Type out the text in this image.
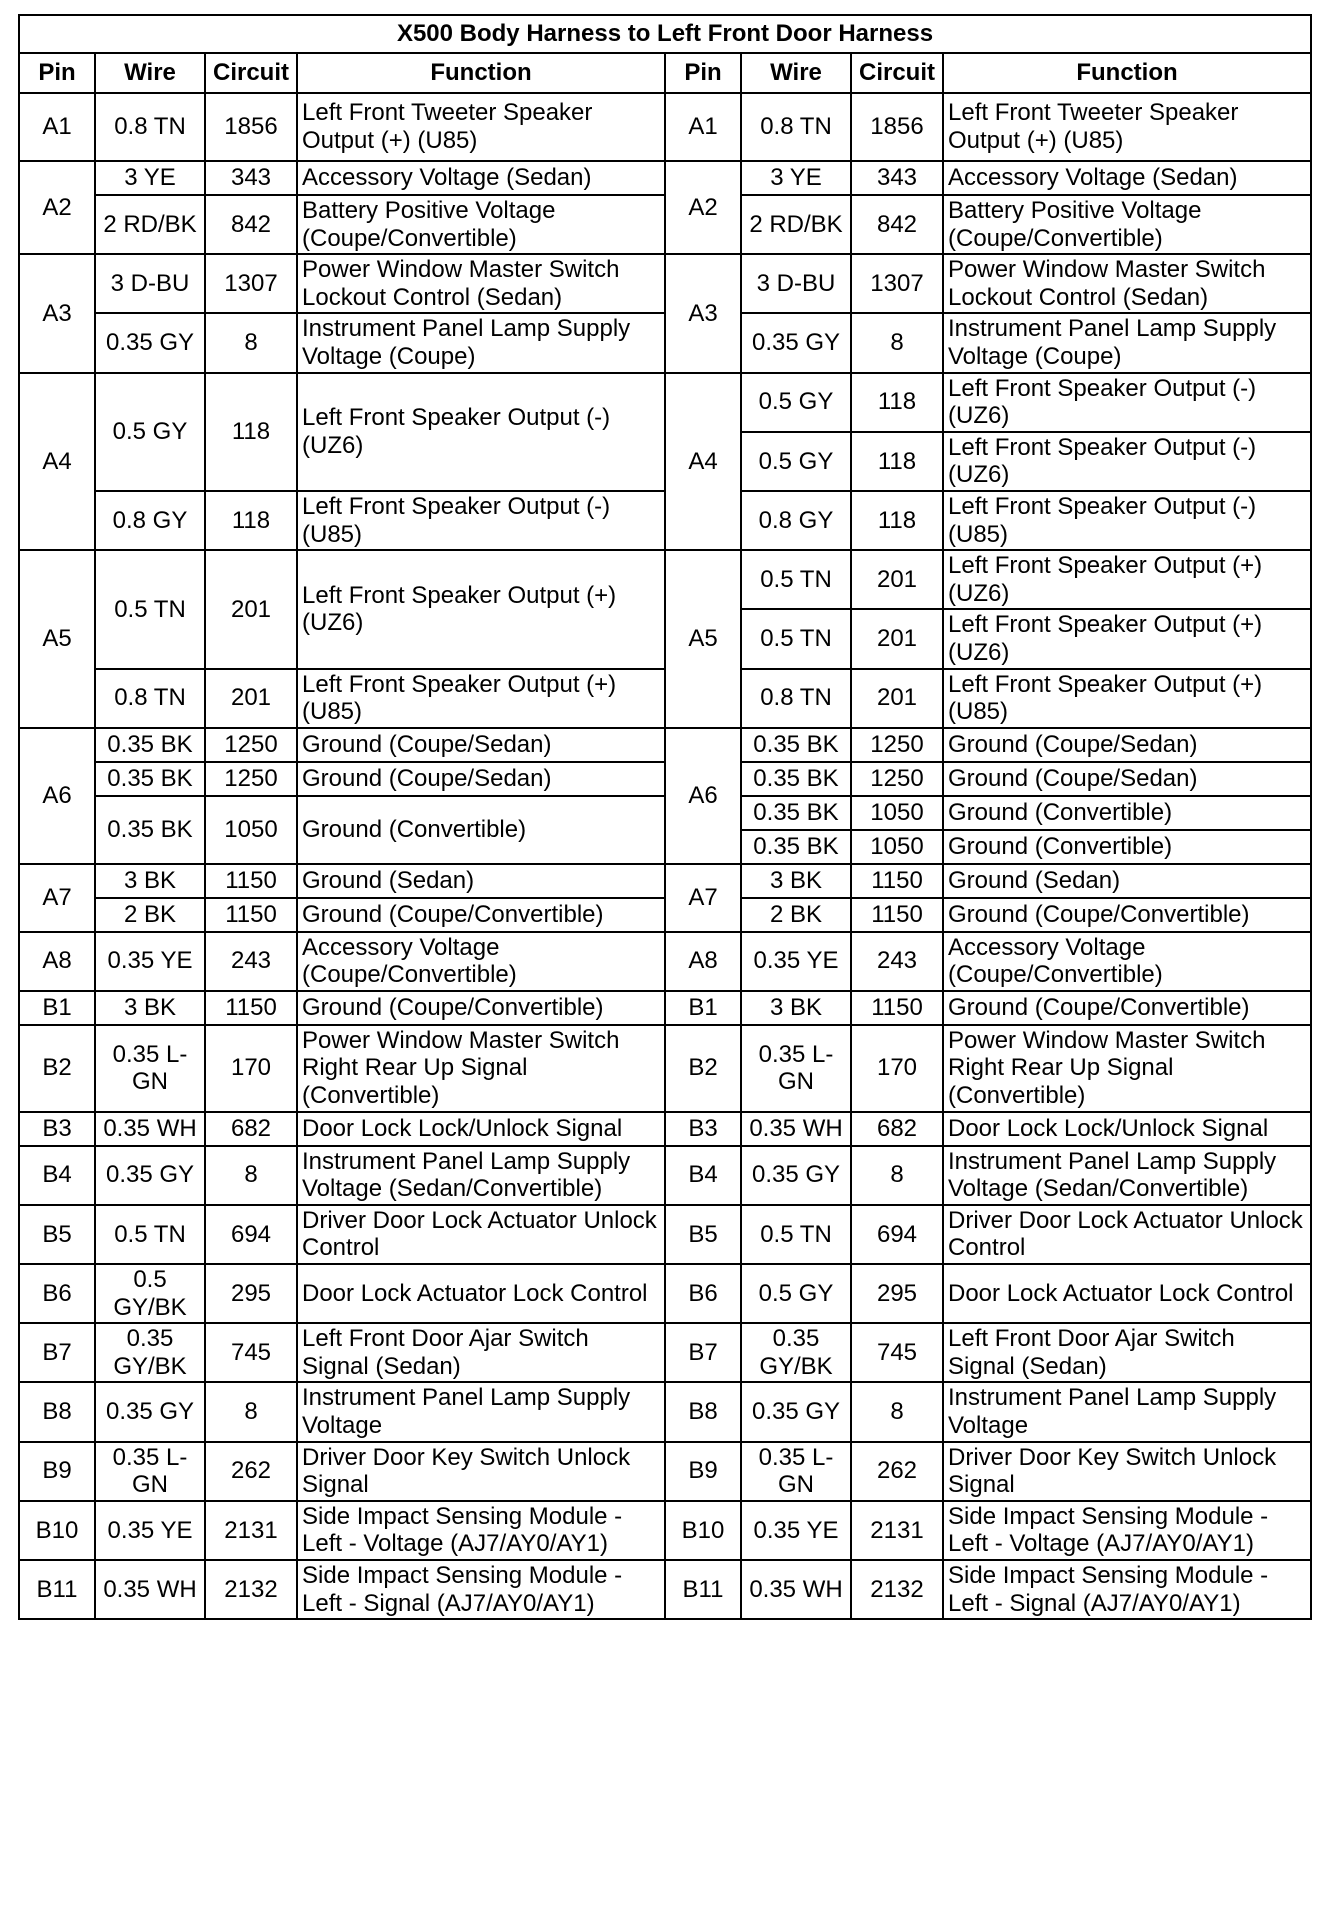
X500 Body Harness to Left Front Door Harness							
Pin	Wire	Circuit	Function	Pin	Wire	Circuit	Function
A1	0.8 TN	1856	Left Front Tweeter Speaker Output (+) (U85)	A1	0.8 TN	1856	Left Front Tweeter Speaker Output (+) (U85)
A2	3 YE	343	Accessory Voltage (Sedan)	A2	3 YE	343	Accessory Voltage (Sedan)
	2 RD/BK	842	Battery Positive Voltage (Coupe/Convertible)		2 RD/BK	842	Battery Positive Voltage (Coupe/Convertible)
A3	3 D-BU	1307	Power Window Master Switch Lockout Control (Sedan)	A3	3 D-BU	1307	Power Window Master Switch Lockout Control (Sedan)
	0.35 GY	8	Instrument Panel Lamp Supply Voltage (Coupe)		0.35 GY	8	Instrument Panel Lamp Supply Voltage (Coupe)
A4	0.5 GY	118	Left Front Speaker Output (-) (UZ6)	A4	0.5 GY	118	Left Front Speaker Output (-) (UZ6)
					0.5 GY	118	Left Front Speaker Output (-) (UZ6)
	0.8 GY	118	Left Front Speaker Output (-) (U85)		0.8 GY	118	Left Front Speaker Output (-) (U85)
A5	0.5 TN	201	Left Front Speaker Output (+) (UZ6)	A5	0.5 TN	201	Left Front Speaker Output (+) (UZ6)
					0.5 TN	201	Left Front Speaker Output (+) (UZ6)
	0.8 TN	201	Left Front Speaker Output (+) (U85)		0.8 TN	201	Left Front Speaker Output (+) (U85)
A6	0.35 BK	1250	Ground (Coupe/Sedan)	A6	0.35 BK	1250	Ground (Coupe/Sedan)
	0.35 BK	1250	Ground (Coupe/Sedan)		0.35 BK	1250	Ground (Coupe/Sedan)
	0.35 BK	1050	Ground (Convertible)		0.35 BK	1050	Ground (Convertible)
					0.35 BK	1050	Ground (Convertible)
A7	3 BK	1150	Ground (Sedan)	A7	3 BK	1150	Ground (Sedan)
	2 BK	1150	Ground (Coupe/Convertible)		2 BK	1150	Ground (Coupe/Convertible)
A8	0.35 YE	243	Accessory Voltage (Coupe/Convertible)	A8	0.35 YE	243	Accessory Voltage (Coupe/Convertible)
B1	3 BK	1150	Ground (Coupe/Convertible)	B1	3 BK	1150	Ground (Coupe/Convertible)
B2	0.35 L-GN	170	Power Window Master Switch Right Rear Up Signal (Convertible)	B2	0.35 L-GN	170	Power Window Master Switch Right Rear Up Signal (Convertible)
B3	0.35 WH	682	Door Lock Lock/Unlock Signal	B3	0.35 WH	682	Door Lock Lock/Unlock Signal
B4	0.35 GY	8	Instrument Panel Lamp Supply Voltage (Sedan/Convertible)	B4	0.35 GY	8	Instrument Panel Lamp Supply Voltage (Sedan/Convertible)
B5	0.5 TN	694	Driver Door Lock Actuator Unlock Control	B5	0.5 TN	694	Driver Door Lock Actuator Unlock Control
B6	0.5 GY/BK	295	Door Lock Actuator Lock Control	B6	0.5 GY	295	Door Lock Actuator Lock Control
B7	0.35 GY/BK	745	Left Front Door Ajar Switch Signal (Sedan)	B7	0.35 GY/BK	745	Left Front Door Ajar Switch Signal (Sedan)
B8	0.35 GY	8	Instrument Panel Lamp Supply Voltage	B8	0.35 GY	8	Instrument Panel Lamp Supply Voltage
B9	0.35 L-GN	262	Driver Door Key Switch Unlock Signal	B9	0.35 L-GN	262	Driver Door Key Switch Unlock Signal
B10	0.35 YE	2131	Side Impact Sensing Module - Left - Voltage (AJ7/AY0/AY1)	B10	0.35 YE	2131	Side Impact Sensing Module - Left - Voltage (AJ7/AY0/AY1)
B11	0.35 WH	2132	Side Impact Sensing Module - Left - Signal (AJ7/AY0/AY1)	B11	0.35 WH	2132	Side Impact Sensing Module - Left - Signal (AJ7/AY0/AY1)
